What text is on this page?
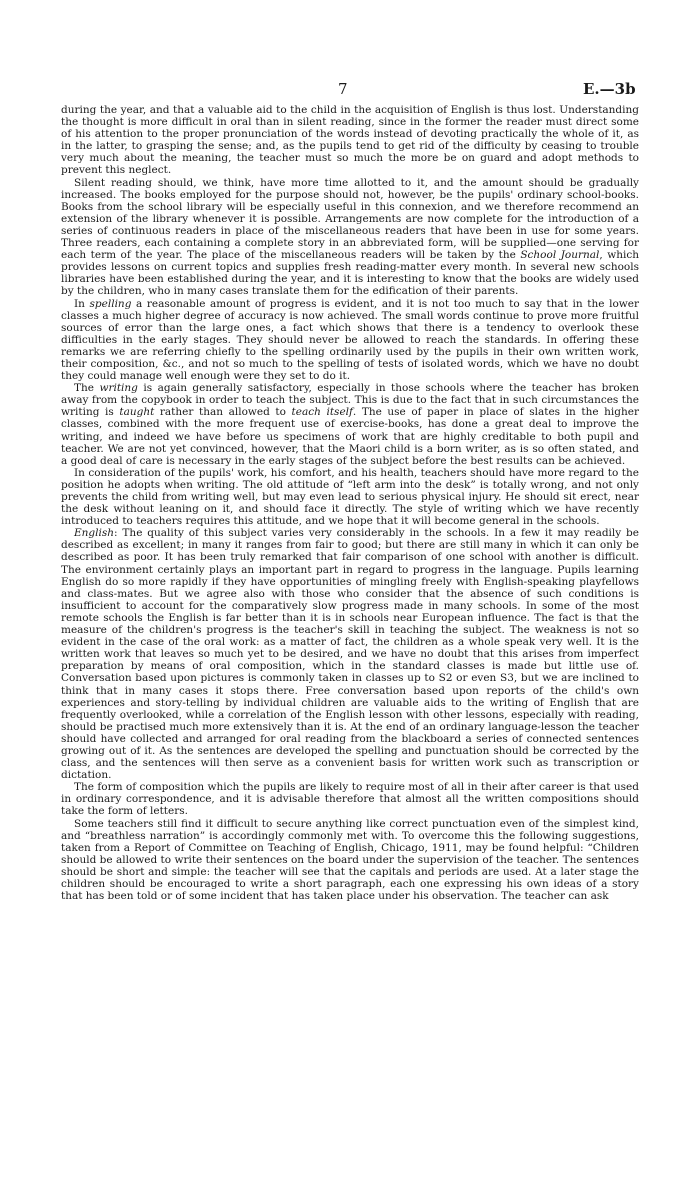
7	E.—3b

during the year, and that a valuable aid to the child in the acquisition of English is thus lost. Understanding the thought is more difficult in oral than in silent reading, since in the former the reader must direct some of his attention to the proper pronunciation of the words instead of devoting practically the whole of it, as in the latter, to grasping the sense; and, as the pupils tend to get rid of the difficulty by ceasing to trouble very much about the meaning, the teacher must so much the more be on guard and adopt methods to prevent this neglect.

Silent reading should, we think, have more time allotted to it, and the amount should be gradually increased. The books employed for the purpose should not, however, be the pupils' ordinary school-books. Books from the school library will be especially useful in this connexion, and we therefore recommend an extension of the library whenever it is possible. Arrangements are now complete for the introduction of a series of continuous readers in place of the miscellaneous readers that have been in use for some years. Three readers, each containing a complete story in an abbreviated form, will be supplied—one serving for each term of the year. The place of the miscellaneous readers will be taken by the School Journal, which provides lessons on current topics and supplies fresh reading-matter every month. In several new schools libraries have been established during the year, and it is interesting to know that the books are widely used by the children, who in many cases translate them for the edification of their parents.

In spelling a reasonable amount of progress is evident, and it is not too much to say that in the lower classes a much higher degree of accuracy is now achieved. The small words continue to prove more fruitful sources of error than the large ones, a fact which shows that there is a tendency to overlook these difficulties in the early stages. They should never be allowed to reach the standards. In offering these remarks we are referring chiefly to the spelling ordinarily used by the pupils in their own written work, their composition, &c., and not so much to the spelling of tests of isolated words, which we have no doubt they could manage well enough were they set to do it.

The writing is again generally satisfactory, especially in those schools where the teacher has broken away from the copybook in order to teach the subject. This is due to the fact that in such circumstances the writing is taught rather than allowed to teach itself. The use of paper in place of slates in the higher classes, combined with the more frequent use of exercise-books, has done a great deal to improve the writing, and indeed we have before us specimens of work that are highly creditable to both pupil and teacher. We are not yet convinced, however, that the Maori child is a born writer, as is so often stated, and a good deal of care is necessary in the early stages of the subject before the best results can be achieved.

In consideration of the pupils' work, his comfort, and his health, teachers should have more regard to the position he adopts when writing. The old attitude of “left arm into the desk” is totally wrong, and not only prevents the child from writing well, but may even lead to serious physical injury. He should sit erect, near the desk without leaning on it, and should face it directly. The style of writing which we have recently introduced to teachers requires this attitude, and we hope that it will become general in the schools.

English: The quality of this subject varies very considerably in the schools. In a few it may readily be described as excellent; in many it ranges from fair to good; but there are still many in which it can only be described as poor. It has been truly remarked that fair comparison of one school with another is difficult. The environment certainly plays an important part in regard to progress in the language. Pupils learning English do so more rapidly if they have opportunities of mingling freely with English-speaking playfellows and class-mates. But we agree also with those who consider that the absence of such conditions is insufficient to account for the comparatively slow progress made in many schools. In some of the most remote schools the English is far better than it is in schools near European influence. The fact is that the measure of the children's progress is the teacher's skill in teaching the subject. The weakness is not so evident in the case of the oral work: as a matter of fact, the children as a whole speak very well. It is the written work that leaves so much yet to be desired, and we have no doubt that this arises from imperfect preparation by means of oral composition, which in the standard classes is made but little use of. Conversation based upon pictures is commonly taken in classes up to S2 or even S3, but we are inclined to think that in many cases it stops there. Free conversation based upon reports of the child's own experiences and story-telling by individual children are valuable aids to the writing of English that are frequently overlooked, while a correlation of the English lesson with other lessons, especially with reading, should be practised much more extensively than it is. At the end of an ordinary language-lesson the teacher should have collected and arranged for oral reading from the blackboard a series of connected sentences growing out of it. As the sentences are developed the spelling and punctuation should be corrected by the class, and the sentences will then serve as a convenient basis for written work such as transcription or dictation.

The form of composition which the pupils are likely to require most of all in their after career is that used in ordinary correspondence, and it is advisable therefore that almost all the written compositions should take the form of letters.

Some teachers still find it difficult to secure anything like correct punctuation even of the simplest kind, and “breathless narration” is accordingly commonly met with. To overcome this the following suggestions, taken from a Report of Committee on Teaching of English, Chicago, 1911, may be found helpful: “Children should be allowed to write their sentences on the board under the supervision of the teacher. The sentences should be short and simple: the teacher will see that the capitals and periods are used. At a later stage the children should be encouraged to write a short paragraph, each one expressing his own ideas of a story that has been told or of some incident that has taken place under his observation. The teacher can ask
